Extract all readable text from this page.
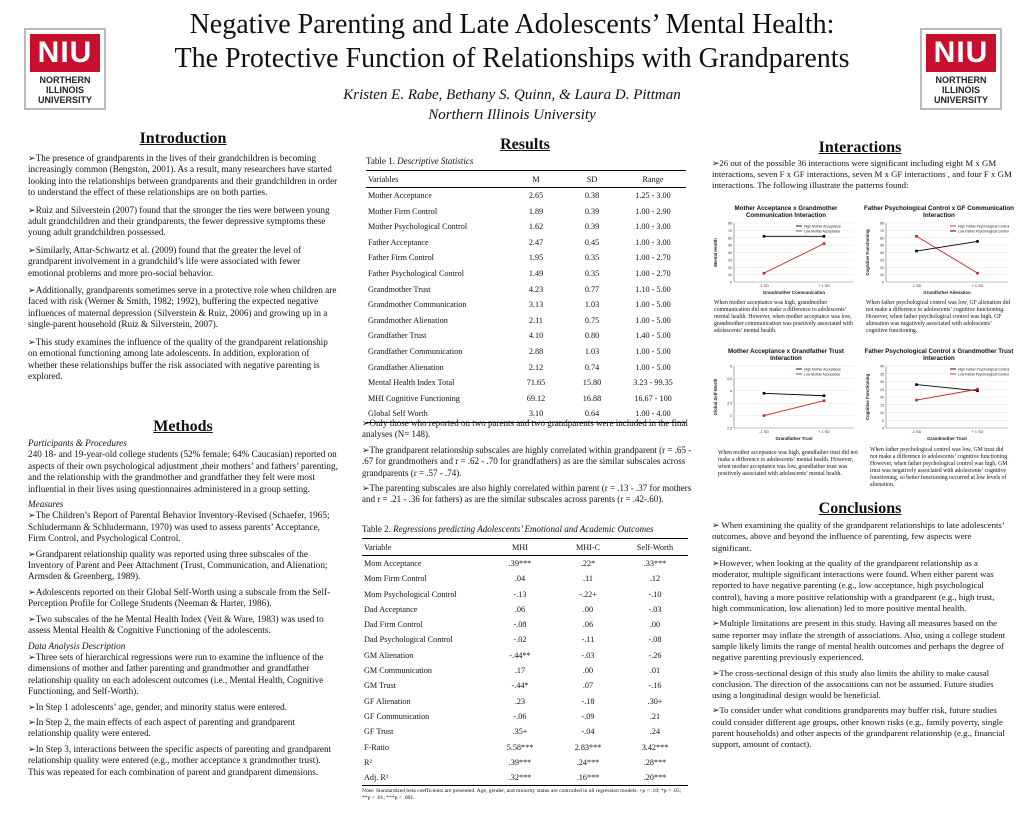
NIU
NORTHERN
ILLINOIS
UNIVERSITY
NIU
NORTHERN
ILLINOIS
UNIVERSITY
Negative Parenting and Late Adolescents’ Mental Health:
The Protective Function of Relationships with Grandparents
Kristen E. Rabe, Bethany S. Quinn, & Laura D. Pittman
Northern Illinois University
Introduction

➢The presence of grandparents in the lives of their grandchildren is becoming increasingly common (Bengston, 2001). As a result, many researchers have started looking into the relationships between grandparents and their grandchildren in order to understand the effect of these relationships are on both parties.

➢Ruiz and Silverstein (2007) found that the stronger the ties were between young adult grandchildren and their grandparents, the fewer depressive symptoms these young adult grandchildren possessed.

➢Similarly, Attar-Schwartz et al. (2009) found that the greater the level of grandparent involvement in a grandchild’s life were associated with fewer emotional problems and more pro-social behavior.

➢Additionally, grandparents sometimes serve in a protective role when children are faced with risk (Werner & Smith, 1982; 1992), buffering the expected negative influences of maternal depression (Silverstein & Ruiz, 2006) and growing up in a single-parent household (Ruiz & Silverstein, 2007).

➢This study examines the influence of the quality of the grandparent relationship on emotional functioning among late adolescents. In addition, exploration of whether these relationships buffer the risk associated with negative parenting is explored.

Methods

Participants & Procedures

240 18- and 19-year-old college students (52% female; 64% Caucasian) reported on aspects of their own psychological adjustment ,their mothers’ and fathers’ parenting, and the relationship with the grandmother and grandfather they felt were most influential in their lives using questionnaires administered in a group setting.

Measures

➢The Children’s Report of Parental Behavior Inventory-Revised (Schaefer, 1965; Schludermann & Schludermann, 1970) was used to assess parents’ Acceptance, Firm Control, and Psychological Control.

➢Grandparent relationship quality was reported using three subscales of the Inventory of Parent and Peer Attachment (Trust, Communication, and Alienation; Armsden & Greenberg, 1989).

➢Adolescents reported on their Global Self-Worth using a subscale from the Self-Perception Profile for College Students (Neeman & Harter, 1986).

➢Two subscales of the he Mental Health Index (Veit & Ware, 1983) was used to assess Mental Health & Cognitive Functioning of the adolescents.

Data Analysis Description

➢Three sets of hierarchical regressions were run to examine the influence of the dimensions of mother and father parenting and grandmother and grandfather relationship quality on each adolescent outcomes (i.e., Mental Health, Cognitive Functioning, and Self-Worth).

➢In Step 1 adolescents’ age, gender, and minority status were entered.

➢In Step 2, the main effects of each aspect of parenting and grandparent relationship quality were entered.

➢In Step 3, interactions between the specific aspects of parenting and grandparent relationship quality were entered (e.g., mother acceptance x grandmother trust). This was repeated for each combination of parent and grandparent dimensions.

Results
Table 1. Descriptive Statistics
Variables	M	SD	Range
Mother Acceptance	2.65	0.38	1.25 - 3.00
Mother Firm Control	1.89	0.39	1.00 - 2.90
Mother Psychological Control	1.62	0.39	1.00 - 3.00
Father Acceptance	2.47	0.45	1.00 - 3.00
Father Firm Control	1.95	0.35	1.00 - 2.70
Father Psychological Control	1.49	0.35	1.00 - 2.70
Grandmother Trust	4.23	0.77	1.10 - 5.00
Grandmother Communication	3.13	1.03	1.00 - 5.00
Grandmother Alienation	2.11	0.75	1.00 - 5.00
Grandfather Trust	4.10	0.80	1.40 - 5.00
Grandfather Communication	2.88	1.03	1.00 - 5.00
Grandfather Alienation	2.12	0.74	1.00 - 5.00
Mental Health Index Total	71.65	15.80	3.23 - 99.35
MHI Cognitive Functioning	69.12	16.88	16.67 - 100
Global Self Worth	3.10	0.64	1.00 - 4.00

➢Only those who reported on two parents and two grandparents were included in the final analyses (N= 148).

➢The grandparent relationship subscales are highly correlated within grandparent (r = .65 - .67 for grandmothers and r = .62 - .70 for grandfathers) as are the similar subscales across grandparents (r = .57 - .74).

➢The parenting subscales are also highly correlated within parent (r = .13 - .37 for mothers and r = .21 - .36 for fathers) as are the similar subscales across parents (r = .42-.60).

Table 2. Regressions predicting Adolescents’ Emotional and Academic Outcomes
Variable	MHI	MHI-C	Self-Worth
Mom Acceptance	.39***	.22*	.33***
Mom Firm Control	.04	.11	.12
Mom Psychological Control	-.13	-.22+	-.10
Dad Acceptance	.06	.00	-.03
Dad Firm Control	-.08	.06	.00
Dad Psychological Control	-.02	-.11	-.08
GM Alienation	-.44**	-.03	-.26
GM Communication	.17	.00	.01
GM Trust	-.44*	.07	-.16
GF Alienation	.23	-.18	.30+
GF Communication	-.06	-.09	.21
GF Trust	.35+	-.04	.24
F-Ratio	5.58***	2.83***	3.42***
R²	.39***	.24***	.28***
Adj. R²	.32***	.16***	.20***
Note: Standardized beta coefficients are presented. Age, gender, and minority status are controlled in all regression models. +p < .10; *p < .05; **p < .01; ***p < .001.
Interactions
➢26 out of the possible 36 interactions were significant including eight M x GM interactions, seven F x GF interactions, seven M x GF interactions , and four F x GM interactions. The following illustrate the patterns found:
Mother Acceptance x Grandmother Communication Interaction
0
10
20
30
40
50
60
70
80
-1 SD	+ 1 SD
Grandmother Communication
Mental Health
High Mother Acceptance
Low Mother Acceptance
Father Psychological Control x GF Communication Interaction
0
10
20
30
40
50
60
70
80
-1 SD	+ 1 SD
Grandfather Alienation
Cognitive Functioning
High Father Psychological Control
Low Father Psychological Control
When mother acceptance was high, grandmother communication did not make a difference to adolescents’ mental health. However, when mother acceptance was low, grandmother communication was positively associated with adolescents’ mental health.
When father psychological control was low, GF alienation did not make a difference to adolescents’ cognitive functioning. However, when father psychological control was high, GF alienation was negatively associated with adolescents’ cognitive functioning.
Mother Acceptance x Grandfather Trust Interaction
2.5
3
3.5
4
4.5
5
-1 SD	+ 1 SD
Grandfather Trust
Global Self-Worth
High Mother Acceptance
Low Mother Acceptance
Father Psychological Control x Grandmother Trust Interaction
0
5
10
15
20
25
30
35
40
-1 SD	+ 1 SD
Grandmother Trust
Cognitive Functioning
High Father Psychological Control
Low Father Psychological Control
When mother acceptance was high, grandfather trust did not make a difference to adolescents’ mental health. However, when mother acceptance was low, grandfather trust was positively associated with adolescents’ mental health.
When father psychological control was low, GM trust did not make a difference to adolescents’ cognitive functioning. However, when father psychological control was high, GM trust was negatively associated with adolescents’ cognitive functioning, so better functioning occurred at low levels of alienation.
Conclusions

➢ When examining the quality of the grandparent relationships to late adolescents’ outcomes, above and beyond the influence of parenting, few aspects were significant.

➢However, when looking at the quality of the grandparent relationship as a moderator, multiple significant interactions were found. When either parent was reported to have negative parenting (e.g., low acceptance, high psychological control), having a more positive relationship with a grandparent (e.g., high trust, high communication, low alienation) led to more positive mental health.

➢Multiple limitations are present in this study. Having all measures based on the same reporter may inflate the strength of associations. Also, using a college student sample likely limits the range of mental health outcomes and perhaps the degree of negative parenting previously experienced.

➢The cross-sectional design of this study also limits the ability to make causal conclusion. The direction of the assocaitions can not be assumed. Future studies using a longitudinal design would be beneficial.

➢To consider under what conditions grandparents may buffer risk, future studies could consider different age groups, other known risks (e.g., family poverty, single parent households) and other aspects of the grandparent relationship (e.g., financial support, amount of contact).
